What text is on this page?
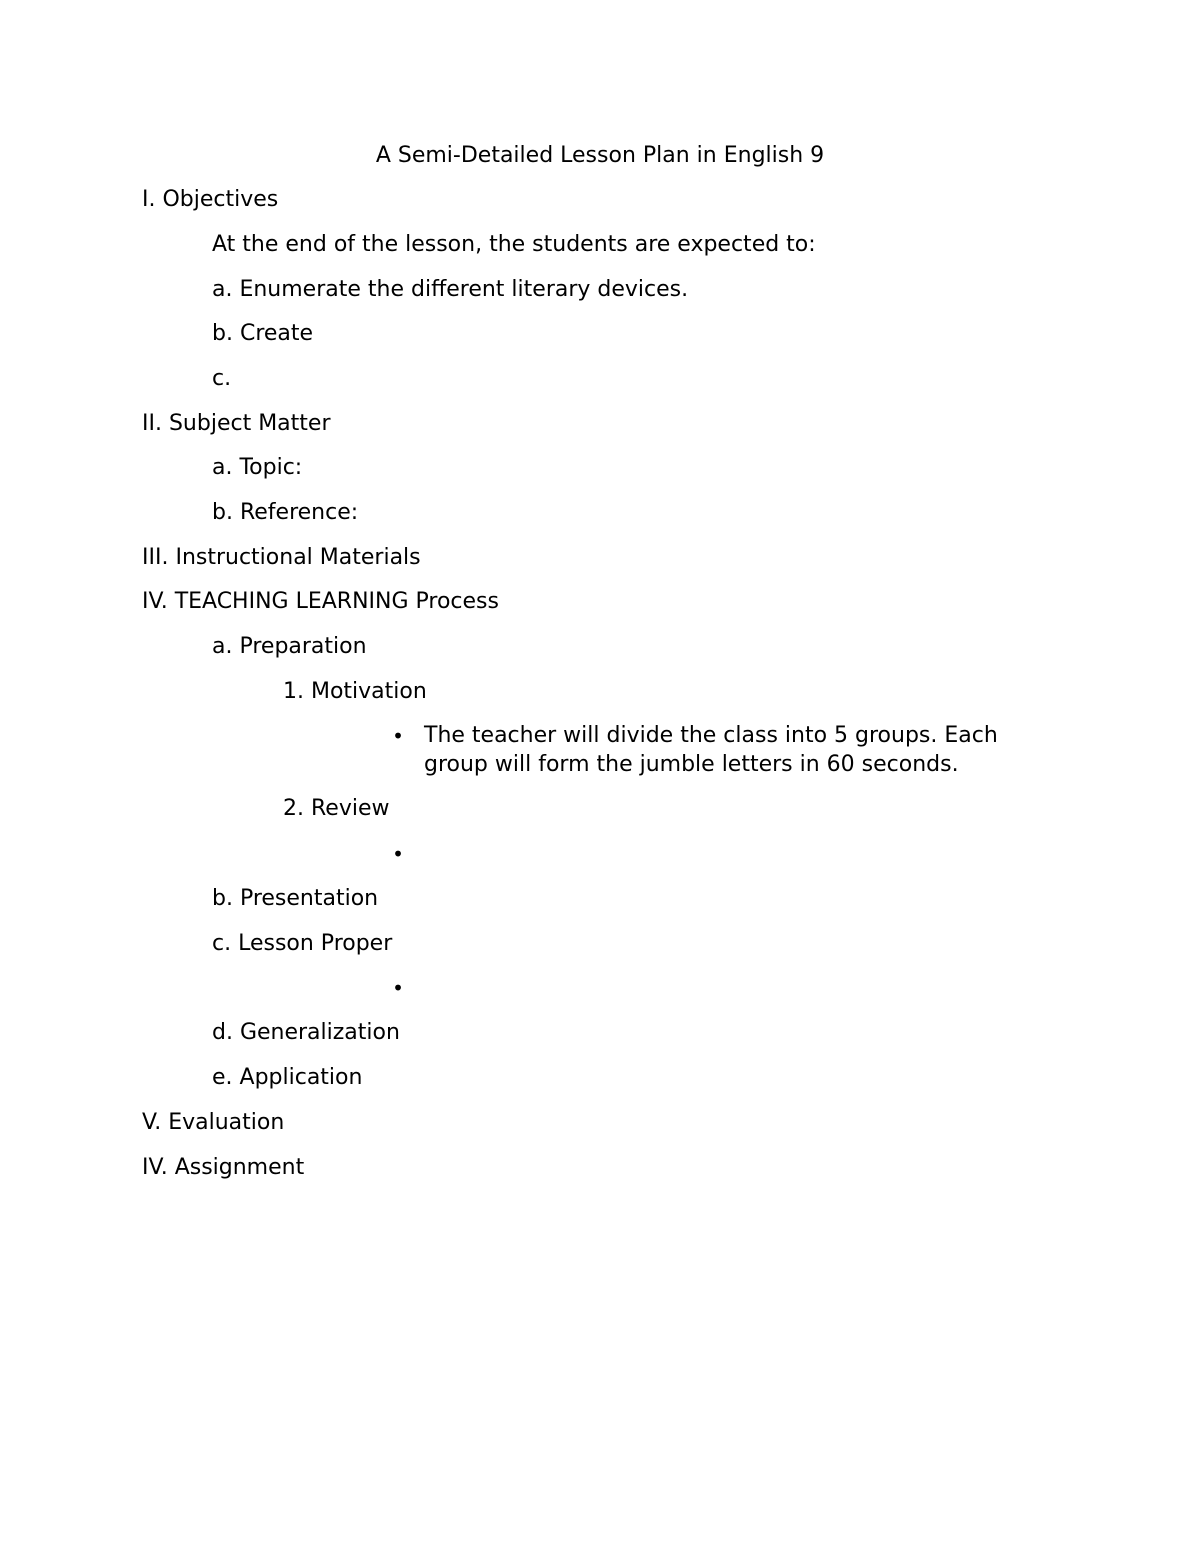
A Semi-Detailed Lesson Plan in English 9
I. Objectives
At the end of the lesson, the students are expected to:
a. Enumerate the different literary devices.
b. Create
c.
II. Subject Matter
a. Topic:
b. Reference:
III. Instructional Materials
IV. TEACHING LEARNING Process
a. Preparation
1. Motivation
• The teacher will divide the class into 5 groups. Each group will form the jumble letters in 60 seconds.
2. Review
•
b. Presentation
c. Lesson Proper
•
d. Generalization
e. Application
V. Evaluation
IV. Assignment
